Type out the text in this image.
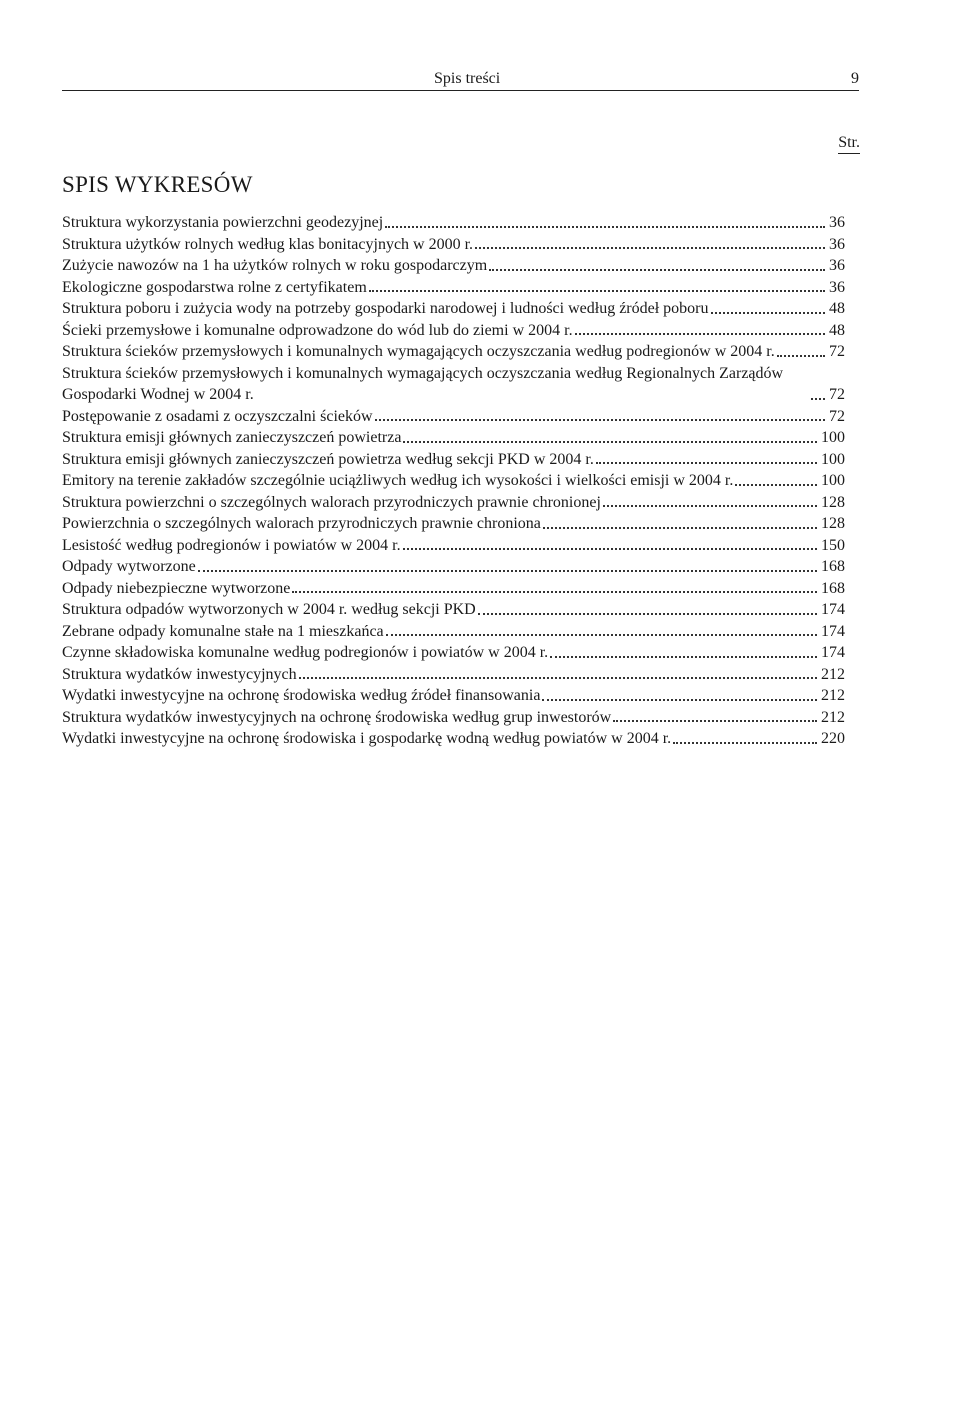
Spis treści	9
Str.
SPIS WYKRESÓW
Struktura wykorzystania powierzchni geodezyjnej	36
Struktura użytków rolnych według klas bonitacyjnych w 2000 r.	36
Zużycie nawozów na 1 ha użytków rolnych w roku gospodarczym	36
Ekologiczne gospodarstwa rolne z certyfikatem	36
Struktura poboru i zużycia wody na potrzeby gospodarki narodowej i ludności według źródeł poboru	48
Ścieki przemysłowe i komunalne odprowadzone do wód lub do ziemi w 2004 r.	48
Struktura ścieków przemysłowych i komunalnych wymagających oczyszczania według podregionów w 2004 r.	72
Struktura ścieków przemysłowych i komunalnych wymagających oczyszczania według Regionalnych Zarządów Gospodarki Wodnej w 2004 r.	72
Postępowanie z osadami z oczyszczalni ścieków	72
Struktura emisji głównych zanieczyszczeń powietrza	100
Struktura emisji głównych zanieczyszczeń powietrza według sekcji PKD w 2004 r.	100
Emitory na terenie zakładów szczególnie uciążliwych według ich wysokości i wielkości emisji w 2004 r.	100
Struktura powierzchni o szczególnych walorach przyrodniczych prawnie chronionej	128
Powierzchnia o szczególnych walorach przyrodniczych prawnie chroniona	128
Lesistość według podregionów i powiatów w 2004 r.	150
Odpady wytworzone	168
Odpady niebezpieczne wytworzone	168
Struktura odpadów wytworzonych w 2004 r. według sekcji PKD	174
Zebrane odpady komunalne stałe na 1 mieszkańca	174
Czynne składowiska komunalne według podregionów i powiatów w 2004 r.	174
Struktura wydatków inwestycyjnych	212
Wydatki inwestycyjne na ochronę środowiska według źródeł finansowania	212
Struktura wydatków inwestycyjnych na ochronę środowiska według grup inwestorów	212
Wydatki inwestycyjne na ochronę środowiska i gospodarkę wodną według powiatów w 2004 r.	220
